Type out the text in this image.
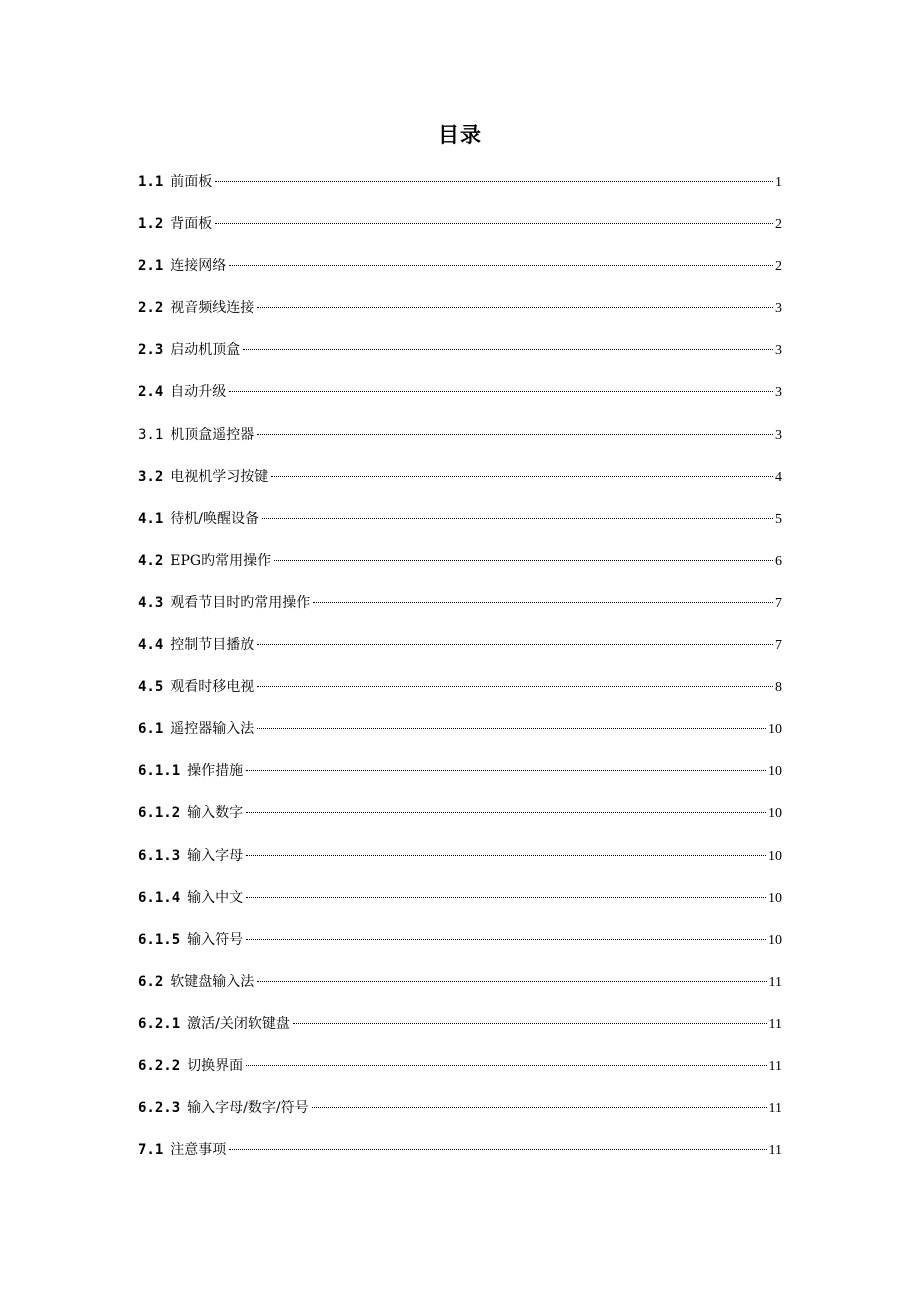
目录
1.1 前面板	1
1.2 背面板	2
2.1 连接网络	2
2.2 视音频线连接	3
2.3 启动机顶盒	3
2.4 自动升级	3
3.1 机顶盒遥控器	3
3.2 电视机学习按键	4
4.1 待机/唤醒设备	5
4.2 EPG旳常用操作	6
4.3 观看节目时旳常用操作	7
4.4 控制节目播放	7
4.5 观看时移电视	8
6.1 遥控器输入法	10
6.1.1 操作措施	10
6.1.2 输入数字	10
6.1.3 输入字母	10
6.1.4 输入中文	10
6.1.5 输入符号	10
6.2 软键盘输入法	11
6.2.1 激活/关闭软键盘	11
6.2.2 切换界面	11
6.2.3 输入字母/数字/符号	11
7.1 注意事项	11
